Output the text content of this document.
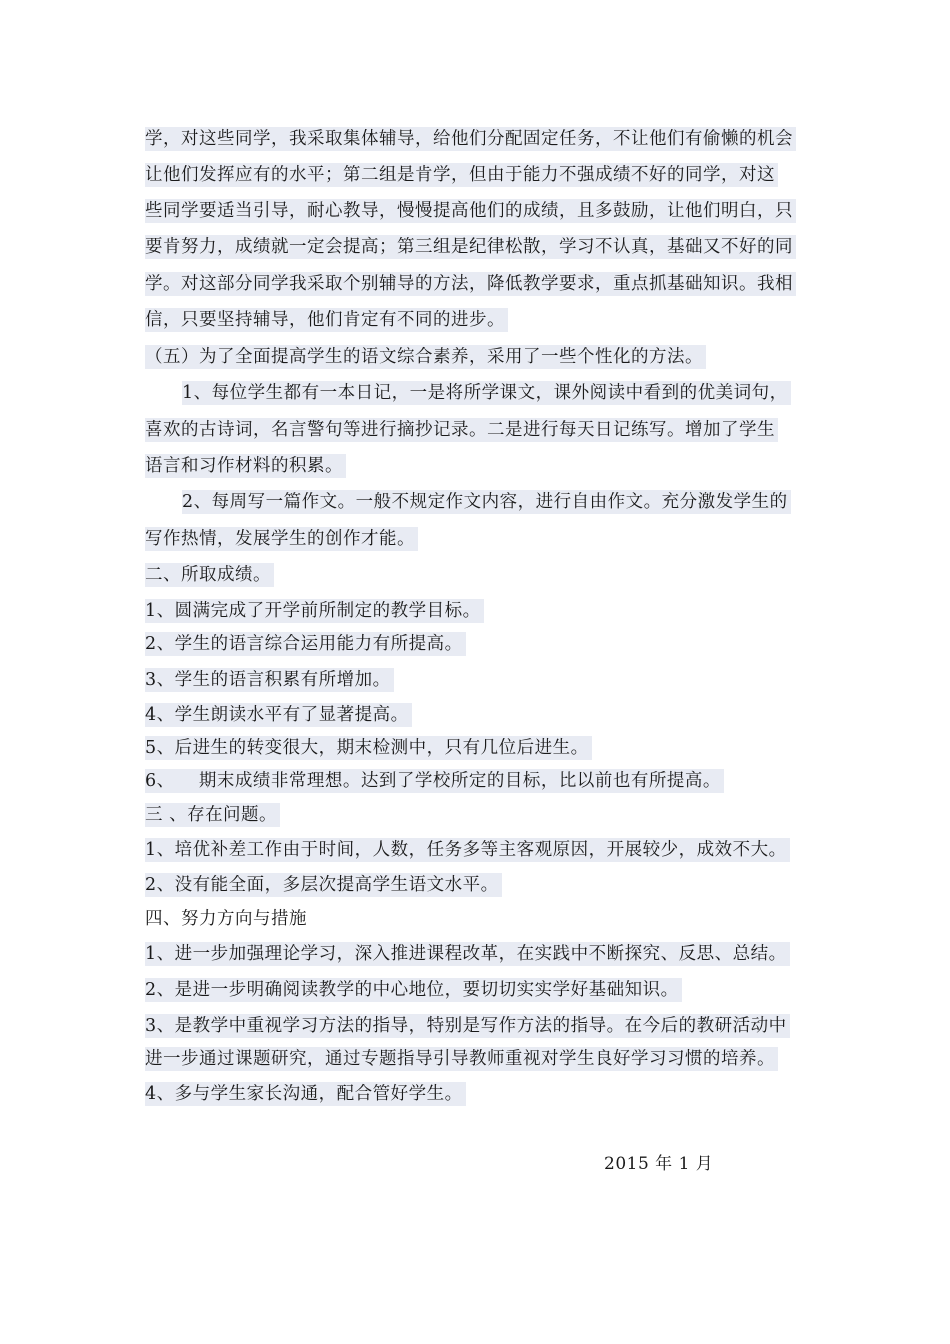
学，对这些同学，我采取集体辅导，给他们分配固定任务，不让他们有偷懒的机会
让他们发挥应有的水平；第二组是肯学，但由于能力不强成绩不好的同学，对这
些同学要适当引导，耐心教导，慢慢提高他们的成绩，且多鼓励，让他们明白，只
要肯努力，成绩就一定会提高；第三组是纪律松散，学习不认真，基础又不好的同
学。对这部分同学我采取个别辅导的方法，降低教学要求，重点抓基础知识。我相
信，只要坚持辅导，他们肯定有不同的进步。
（五）为了全面提高学生的语文综合素养，采用了一些个性化的方法。
1、每位学生都有一本日记，一是将所学课文，课外阅读中看到的优美词句，
喜欢的古诗词，名言警句等进行摘抄记录。二是进行每天日记练写。增加了学生
语言和习作材料的积累。
2、每周写一篇作文。一般不规定作文内容，进行自由作文。充分激发学生的
写作热情，发展学生的创作才能。
二、所取成绩。
1、圆满完成了开学前所制定的教学目标。
2、学生的语言综合运用能力有所提高。
3、学生的语言积累有所增加。
4、学生朗读水平有了显著提高。
5、后进生的转变很大，期末检测中，只有几位后进生。
6、    期末成绩非常理想。达到了学校所定的目标，比以前也有所提高。
三 、存在问题。
1、培优补差工作由于时间，人数，任务多等主客观原因，开展较少，成效不大。
2、没有能全面，多层次提高学生语文水平。
四、努力方向与措施
1、进一步加强理论学习，深入推进课程改革，在实践中不断探究、反思、总结。
2、是进一步明确阅读教学的中心地位，要切切实实学好基础知识。
3、是教学中重视学习方法的指导，特别是写作方法的指导。在今后的教研活动中
进一步通过课题研究，通过专题指导引导教师重视对学生良好学习习惯的培养。
4、多与学生家长沟通，配合管好学生。
2015 年 1 月
